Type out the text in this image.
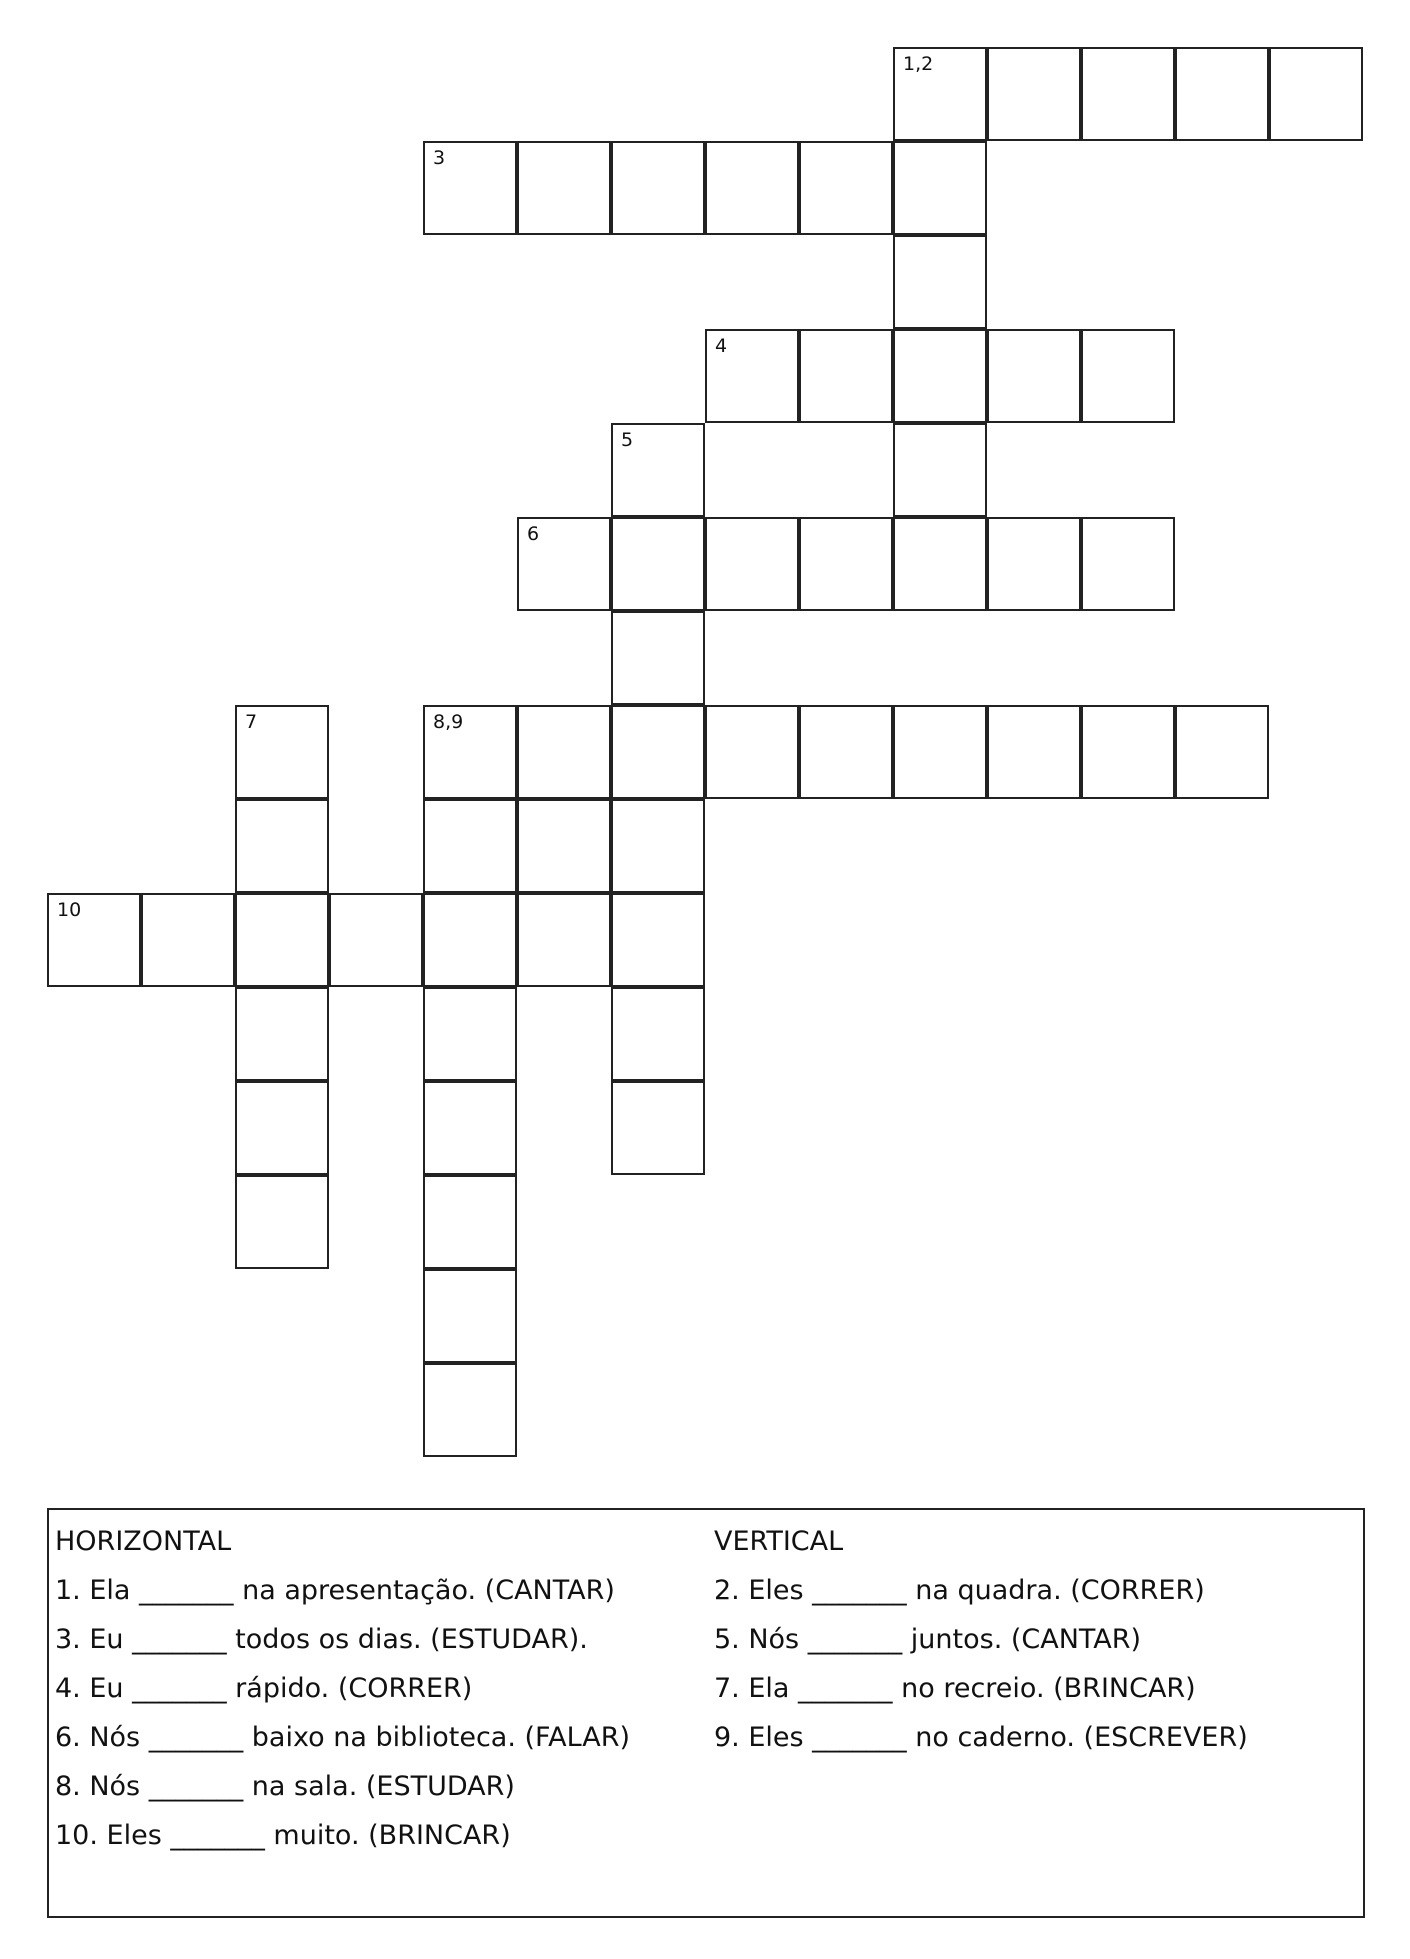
1,2
3
4
5
6
7	8,9
10
HORIZONTAL
1. Ela _______ na apresentação. (CANTAR)
3. Eu _______ todos os dias. (ESTUDAR).
4. Eu _______ rápido. (CORRER)
6. Nós _______ baixo na biblioteca. (FALAR)
8. Nós _______ na sala. (ESTUDAR)
10. Eles _______ muito. (BRINCAR)
VERTICAL
2. Eles _______ na quadra. (CORRER)
5. Nós _______ juntos. (CANTAR)
7. Ela _______ no recreio. (BRINCAR)
9. Eles _______ no caderno. (ESCREVER)
